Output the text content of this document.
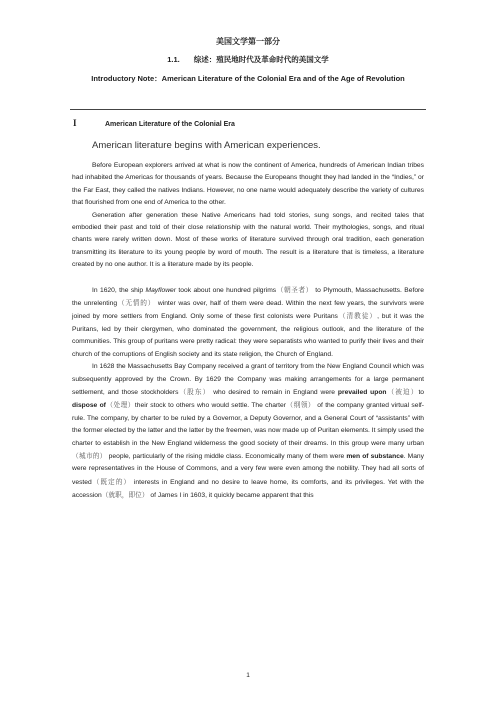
美国文学第一部分
1.1. 综述：殖民地时代及革命时代的美国文学
Introductory Note：American Literature of the Colonial Era and of the Age of Revolution
I	American Literature of the Colonial Era
American literature begins with American experiences.

Before European explorers arrived at what is now the continent of America, hundreds of American Indian tribes had inhabited the Americas for thousands of years. Because the Europeans thought they had landed in the “Indies,” or the Far East, they called the natives Indians. However, no one name would adequately describe the variety of cultures that flourished from one end of America to the other.

Generation after generation these Native Americans had told stories, sung songs, and recited tales that embodied their past and told of their close relationship with the natural world. Their mythologies, songs, and ritual chants were rarely written down. Most of these works of literature survived through oral tradition, each generation transmitting its literature to its young people by word of mouth. The result is a literature that is timeless, a literature created by no one author. It is a literature made by its people.

In 1620, the ship Mayflower took about one hundred pilgrims（朝圣者） to Plymouth, Massachusetts. Before the unrelenting（无情的） winter was over, half of them were dead. Within the next few years, the survivors were joined by more settlers from England. Only some of these first colonists were Puritans（清教徒）, but it was the Puritans, led by their clergymen, who dominated the government, the religious outlook, and the literature of the communities. This group of puritans were pretty radical: they were separatists who wanted to purify their lives and their church of the corruptions of English society and its state religion, the Church of England.

In 1628 the Massachusetts Bay Company received a grant of territory from the New England Council which was subsequently approved by the Crown. By 1629 the Company was making arrangements for a large permanent settlement, and those stockholders（股东） who desired to remain in England were prevailed upon（被迫）to dispose of（处理）their stock to others who would settle. The charter（纲领） of the company granted virtual self-rule. The company, by charter to be ruled by a Governor, a Deputy Governor, and a General Court of “assistants” with the former elected by the latter and the latter by the freemen, was now made up of Puritan elements. It simply used the charter to establish in the New England wilderness the good society of their dreams. In this group were many urban（城市的） people, particularly of the rising middle class. Economically many of them were men of substance. Many were representatives in the House of Commons, and a very few were even among the nobility. They had all sorts of vested（既定的） interests in England and no desire to leave home, its comforts, and its privileges. Yet with the accession（就职，即位） of James I in 1603, it quickly became apparent that this

1
